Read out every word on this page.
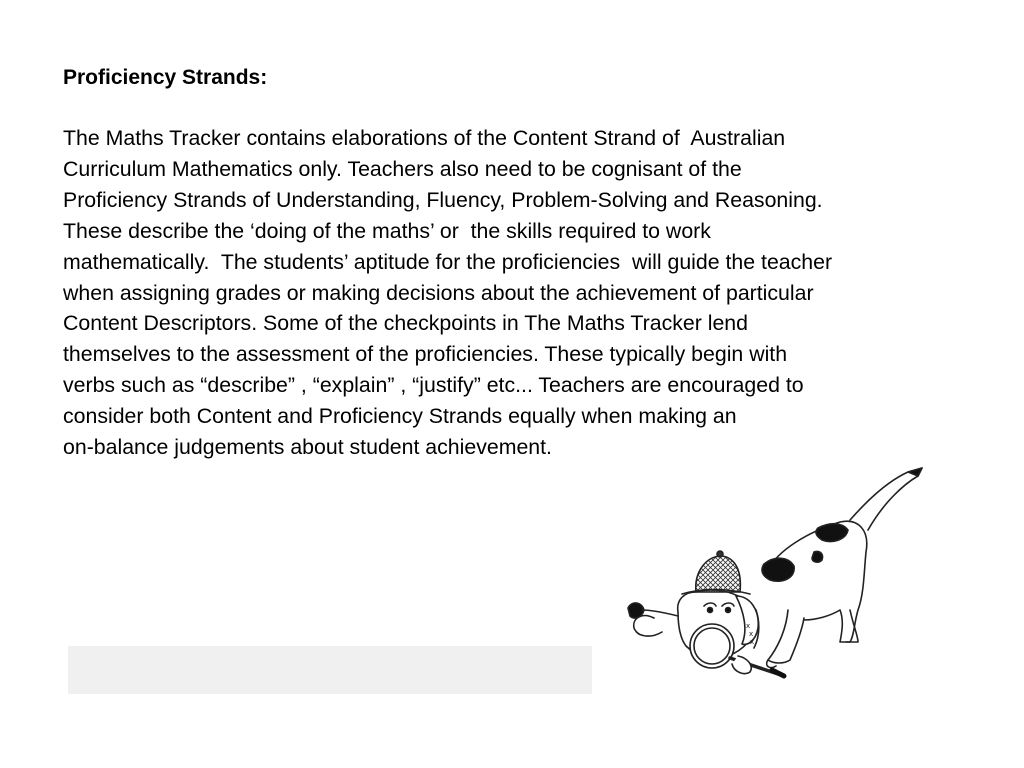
Proficiency Strands:
The Maths Tracker contains elaborations of the Content Strand of  Australian
Curriculum Mathematics only. Teachers also need to be cognisant of the
Proficiency Strands of Understanding, Fluency, Problem-Solving and Reasoning.
These describe the ‘doing of the maths’ or  the skills required to work
mathematically.  The students’ aptitude for the proficiencies  will guide the teacher
when assigning grades or making decisions about the achievement of particular
Content Descriptors. Some of the checkpoints in The Maths Tracker lend
themselves to the assessment of the proficiencies. These typically begin with
verbs such as “describe” , “explain” , “justify” etc... Teachers are encouraged to
consider both Content and Proficiency Strands equally when making an
on-balance judgements about student achievement.
x
x
x
